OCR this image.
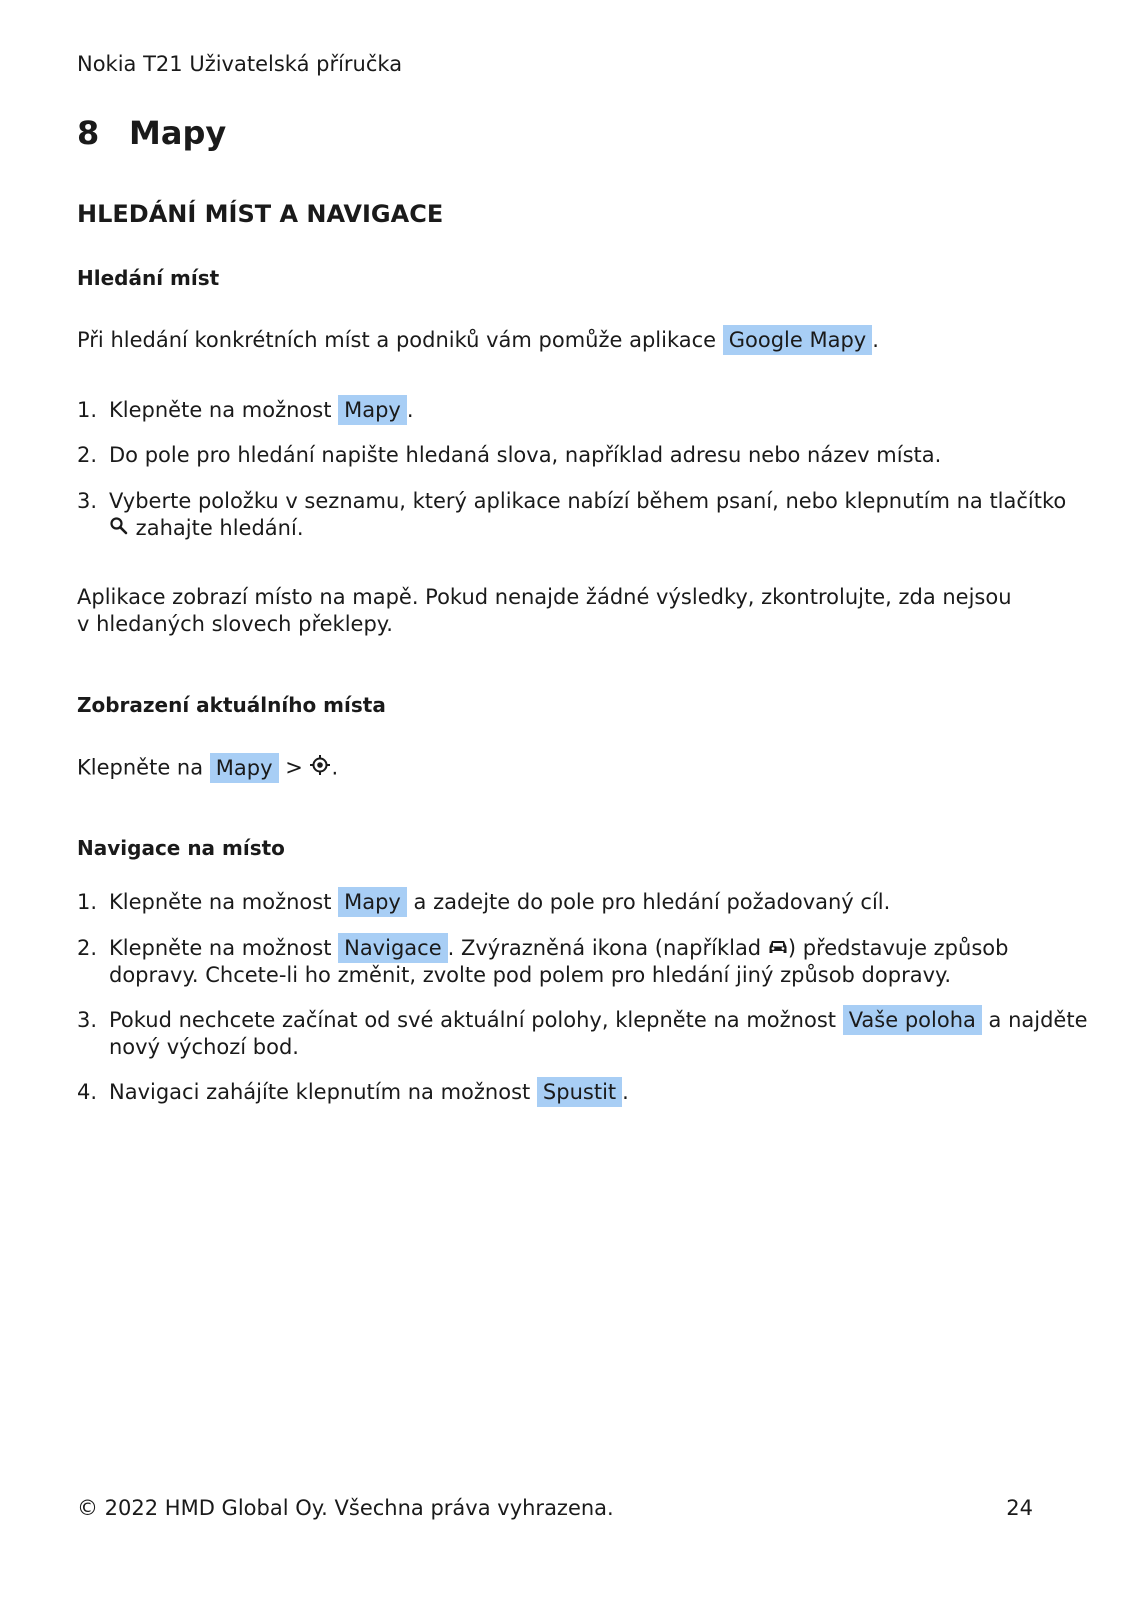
Nokia T21 Uživatelská příručka
8 Mapy
HLEDÁNÍ MÍST A NAVIGACE
Hledání míst
Při hledání konkrétních míst a podniků vám pomůže aplikace Google Mapy .
1. Klepněte na možnost Mapy .
2. Do pole pro hledání napište hledaná slova, například adresu nebo název místa.
3. Vyberte položku v seznamu, který aplikace nabízí během psaní, nebo klepnutím na tlačítko
zahajte hledání.
Aplikace zobrazí místo na mapě. Pokud nenajde žádné výsledky, zkontrolujte, zda nejsou
v hledaných slovech překlepy.
Zobrazení aktuálního místa
Klepněte na Mapy > .
Navigace na místo
1. Klepněte na možnost Mapy a zadejte do pole pro hledání požadovaný cíl.
2. Klepněte na možnost Navigace . Zvýrazněná ikona (například ) představuje způsob
dopravy. Chcete-li ho změnit, zvolte pod polem pro hledání jiný způsob dopravy.
3. Pokud nechcete začínat od své aktuální polohy, klepněte na možnost Vaše poloha a najděte
nový výchozí bod.
4. Navigaci zahájíte klepnutím na možnost Spustit .
© 2022 HMD Global Oy. Všechna práva vyhrazena.	24
